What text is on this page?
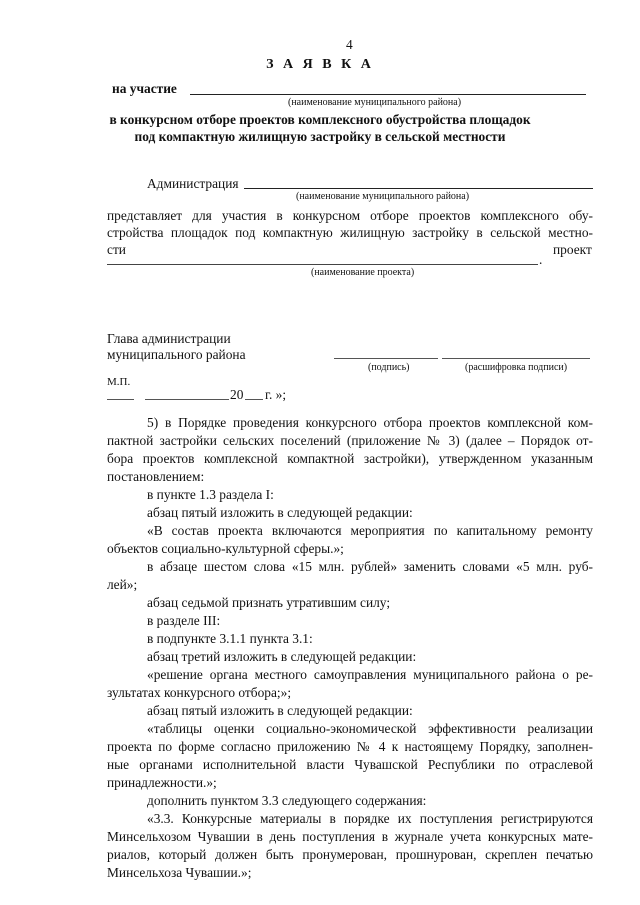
4
З А Я В К А
на участие
(наименование муниципального района)
в конкурсном отборе проектов комплексного обустройства площадок
под компактную жилищную застройку в сельской местности
Администрация
(наименование муниципального района)
представляет для участия в конкурсном отборе проектов комплексного обу-
стройства площадок под компактную жилищную застройку в сельской местно-
сти	проект
.
(наименование проекта)
Глава администрации
муниципального района
(подпись)	(расшифровка подписи)
М.П.
20 г. »;
5) в Порядке проведения конкурсного отбора проектов комплексной ком-
пактной застройки сельских поселений (приложение № 3) (далее – Порядок от-
бора проектов комплексной компактной застройки), утвержденном указанным
постановлением:
в пункте 1.3 раздела I:
абзац пятый изложить в следующей редакции:
«В состав проекта включаются мероприятия по капитальному ремонту
объектов социально-культурной сферы.»;
в абзаце шестом слова «15 млн. рублей» заменить словами «5 млн. руб-
лей»;
абзац седьмой признать утратившим силу;
в разделе III:
в подпункте 3.1.1 пункта 3.1:
абзац третий изложить в следующей редакции:
«решение органа местного самоуправления муниципального района о ре-
зультатах конкурсного отбора;»;
абзац пятый изложить в следующей редакции:
«таблицы оценки социально-экономической эффективности реализации
проекта по форме согласно приложению № 4 к настоящему Порядку, заполнен-
ные органами исполнительной власти Чувашской Республики по отраслевой
принадлежности.»;
дополнить пунктом 3.3 следующего содержания:
«3.3. Конкурсные материалы в порядке их поступления регистрируются
Минсельхозом Чувашии в день поступления в журнале учета конкурсных мате-
риалов, который должен быть пронумерован, прошнурован, скреплен печатью
Минсельхоза Чувашии.»;
